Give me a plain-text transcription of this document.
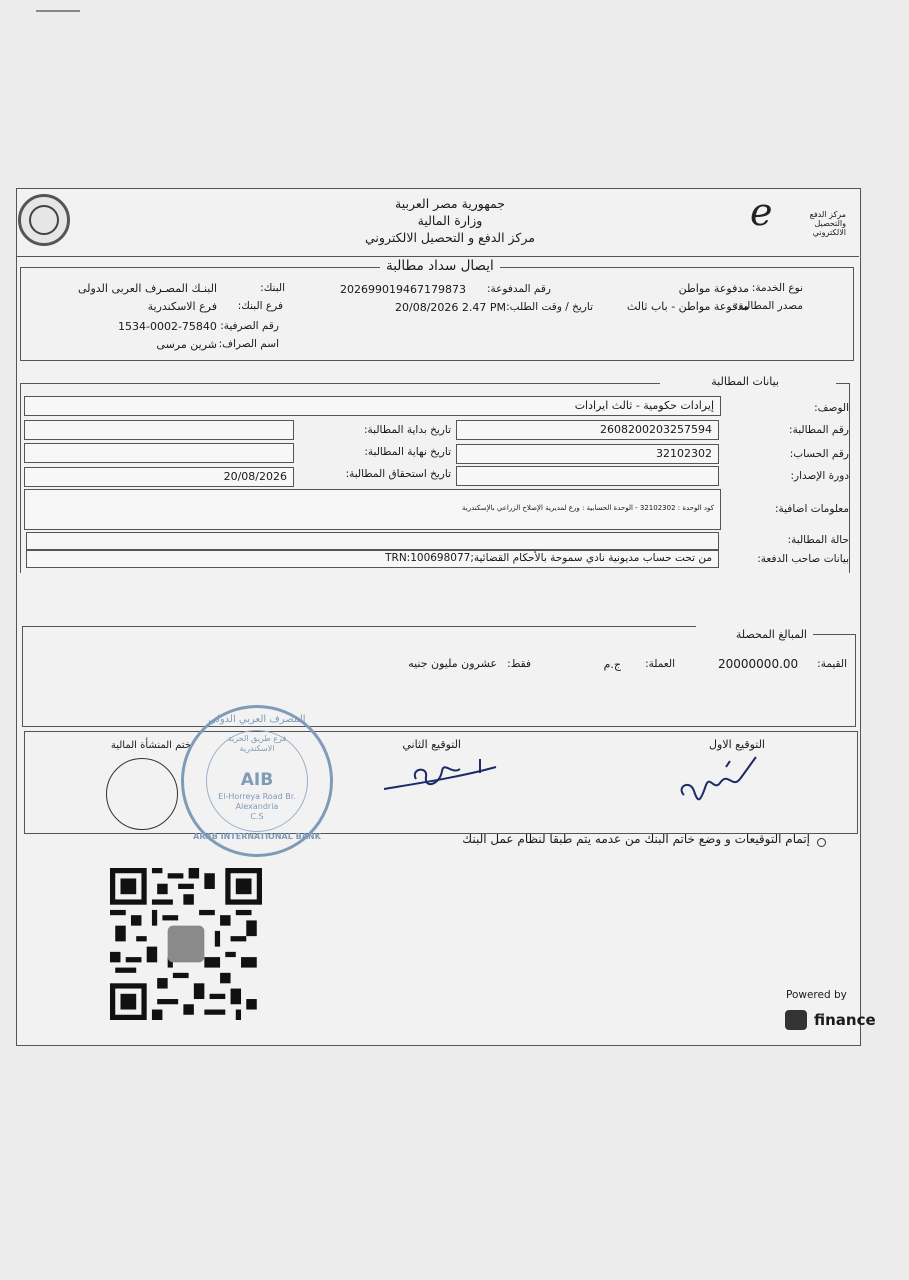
جمهورية مصر العربية
وزارة المالية
مركز الدفع و التحصيل الالكتروني
e	مركز الدفع والتحصيل الالكتروني
ايصال سداد مطالبة
نوع الخدمة:
مدفوعة مواطن
مصدر المطالبة:
مدفوعة مواطن - باب ثالث
رقم المدفوعة:
202699019467179873
تاريخ / وقت الطلب:
20/08/2026 2.47 PM
البنك:
البنـك المصـرف العربى الدولى
فرع البنك:
فرع الاسكندرية
رقم الصرفية:
1534-0002-75840
اسم الصراف:
شرين مرسى
بيانات المطالبة
الوصف:
إيرادات حكومية - ثالث ايرادات
رقم المطالبة:
2608200203257594
رقم الحساب:
32102302
دورة الإصدار:
تاريخ بداية المطالبة:
تاريخ نهاية المطالبة:
تاريخ استحقاق المطالبة:
20/08/2026
معلومات اضافية:
كود الوحدة : 32102302 - الوحدة الحسابية : ورع لمديرية الإصلاح الزراعي بالإسكندرية
حالة المطالبة:
بيانات صاحب الدفعة:
من تحت حساب مديونية نادي سموحة بالأحكام القضائية;TRN:100698077
المبالغ المحصلة
القيمة:
20000000.00
العملة:
ج.م
فقط:
عشرون مليون جنيه
التوقيع الاول
التوقيع الثاني
ختم المنشأة المالية
المصرف العربي الدولي
فرع طريق الحرية الاسكندرية
AIB
El-Horreya Road Br.
Alexandria
C.S
ARAB INTERNATIONAL BANK	إتمام التوقيعات و وضع خاتم البنك من عدمه يتم طبقا لنظام عمل البنك
Powered by
finance
